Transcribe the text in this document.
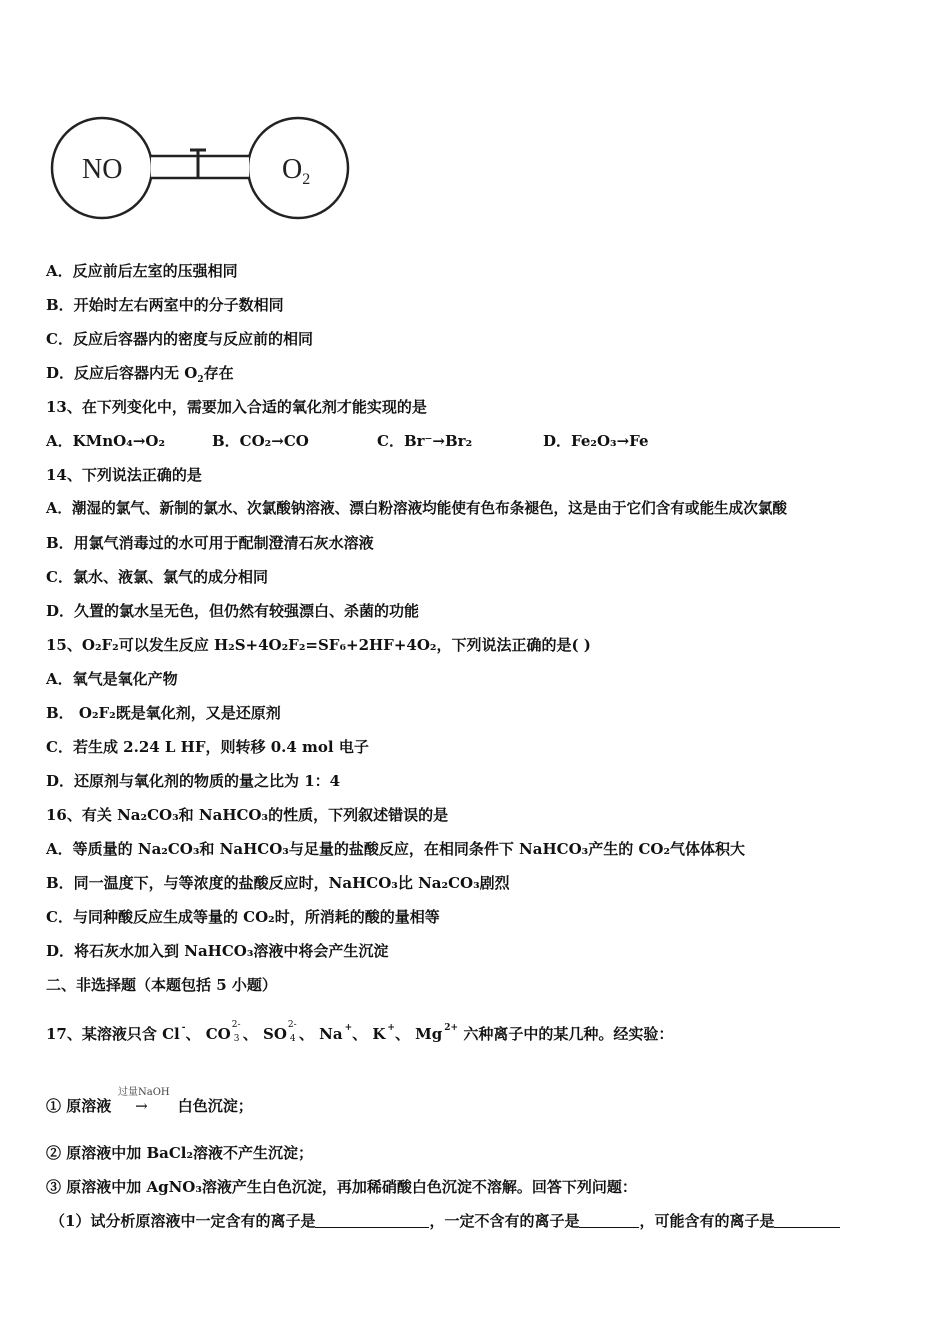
NO	$O_2$
A．反应前后左室的压强相同
B．开始时左右两室中的分子数相同
C．反应后容器内的密度与反应前的相同
D．反应后容器内无 $O_2$存在
13、在下列变化中，需要加入合适的氧化剂才能实现的是
A．KMnO₄→O₂	B．CO₂→CO	C．Br⁻→Br₂	D．Fe₂O₃→Fe
14、下列说法正确的是
A．潮湿的氯气、新制的氯水、次氯酸钠溶液、漂白粉溶液均能使有色布条褪色，这是由于它们含有或能生成次氯酸
B．用氯气消毒过的水可用于配制澄清石灰水溶液
C．氯水、液氯、氯气的成分相同
D．久置的氯水呈无色，但仍然有较强漂白、杀菌的功能
15、O₂F₂可以发生反应 H₂S+4O₂F₂=SF₆+2HF+4O₂，下列说法正确的是( )
A．氧气是氧化产物
B． O₂F₂既是氧化剂，又是还原剂
C．若生成 2.24 L HF，则转移 0.4 mol 电子
D．还原剂与氧化剂的物质的量之比为 1：4
16、有关 Na₂CO₃和 NaHCO₃的性质，下列叙述错误的是
A．等质量的 Na₂CO₃和 NaHCO₃与足量的盐酸反应，在相同条件下 NaHCO₃产生的 CO₂气体体积大
B．同一温度下，与等浓度的盐酸反应时，NaHCO₃比 Na₂CO₃剧烈
C．与同种酸反应生成等量的 CO₂时，所消耗的酸的量相等
D．将石灰水加入到 NaHCO₃溶液中将会产生沉淀
二、非选择题（本题包括 5 小题）
17、某溶液只含 Cl -、 CO 2-
3 、 SO 2-
4 、 Na +、 K +、 Mg $^{2+}$ 六种离子中的某几种。经实验：
① 原溶液 → 白色沉淀；
过量NaOH
② 原溶液中加 BaCl₂溶液不产生沉淀；
③ 原溶液中加 AgNO₃溶液产生白色沉淀，再加稀硝酸白色沉淀不溶解。回答下列问题：
（1）试分析原溶液中一定含有的离子是	，一定不含有的离子是	，可能含有的离子是
